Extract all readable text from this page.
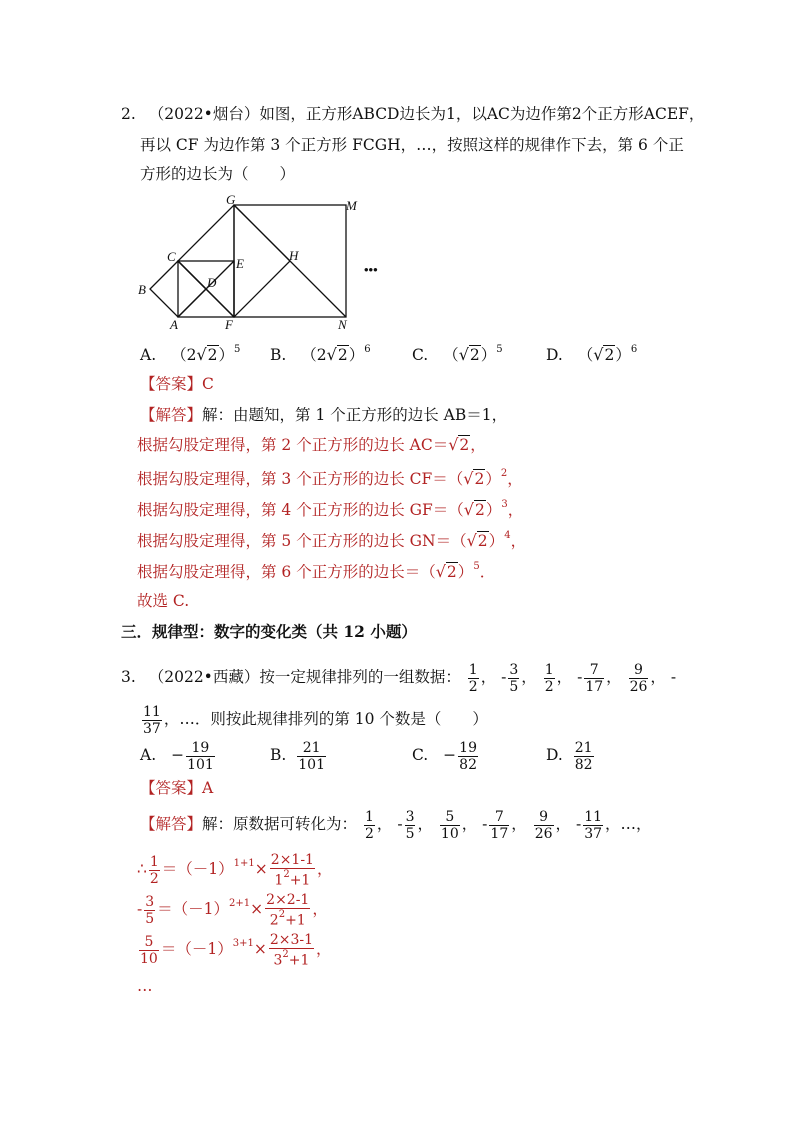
2. （2022•烟台）如图，正方形ABCD边长为1，以AC为边作第2个正方形ACEF，
再以 CF 为边作第 3 个正方形 FCGH，…，按照这样的规律作下去，第 6 个正
方形的边长为（　　）
G	M
C	E
H
D
B
A	F	N
•••
A. $(2√2)^5$ B. $(2√2)^6$	C. $(√2)^5$	D. $(√2)^6$
【答案】C
【解答】解：由题知，第 1 个正方形的边长 AB＝1，
根据勾股定理得，第 2 个正方形的边长 AC＝√2，
根据勾股定理得，第 3 个正方形的边长 $CF=(√2)^2$，
根据勾股定理得，第 4 个正方形的边长 $GF=(√2)^3$，
根据勾股定理得，第 5 个正方形的边长 $GN=(√2)^4$，
根据勾股定理得，第 6 个正方形的边长$=(√2)^5$．
故选 C.
三．规律型：数字的变化类（共 12 小题）
3. （2022•西藏）按一定规律排列的一组数据： $\frac{1}{2}$ ， - $\frac{3}{5}$ ， $\frac{1}{2}$ ， - $\frac{7}{17}$ ， $\frac{9}{26}$ ， -
$\frac{11}{37}$ ，…．则按此规律排列的第 10 个数是（　　）
A. − $\frac{19}{101}$	B. $\frac{21}{101}$	C. − $\frac{19}{82}$	D. $\frac{21}{82}$
【答案】A
【解答】解：原数据可转化为： $\frac{1}{2}$ ， - $\frac{3}{5}$ ， $\frac{5}{10}$ ， - $\frac{7}{17}$ ， $\frac{9}{26}$ ， - $\frac{11}{37}$ ，…，
∴ $\frac{1}{2} =(-1)^{1+1}\times \frac{2\times 1-1}{1^2+1}$ ，
- $\frac{3}{5} =(-1)^{2+1}\times \frac{2\times 2-1}{2^2+1}$ ，
$\frac{5}{10} =(-1)^{3+1}\times \frac{2\times 3-1}{3^2+1}$ ，
…
